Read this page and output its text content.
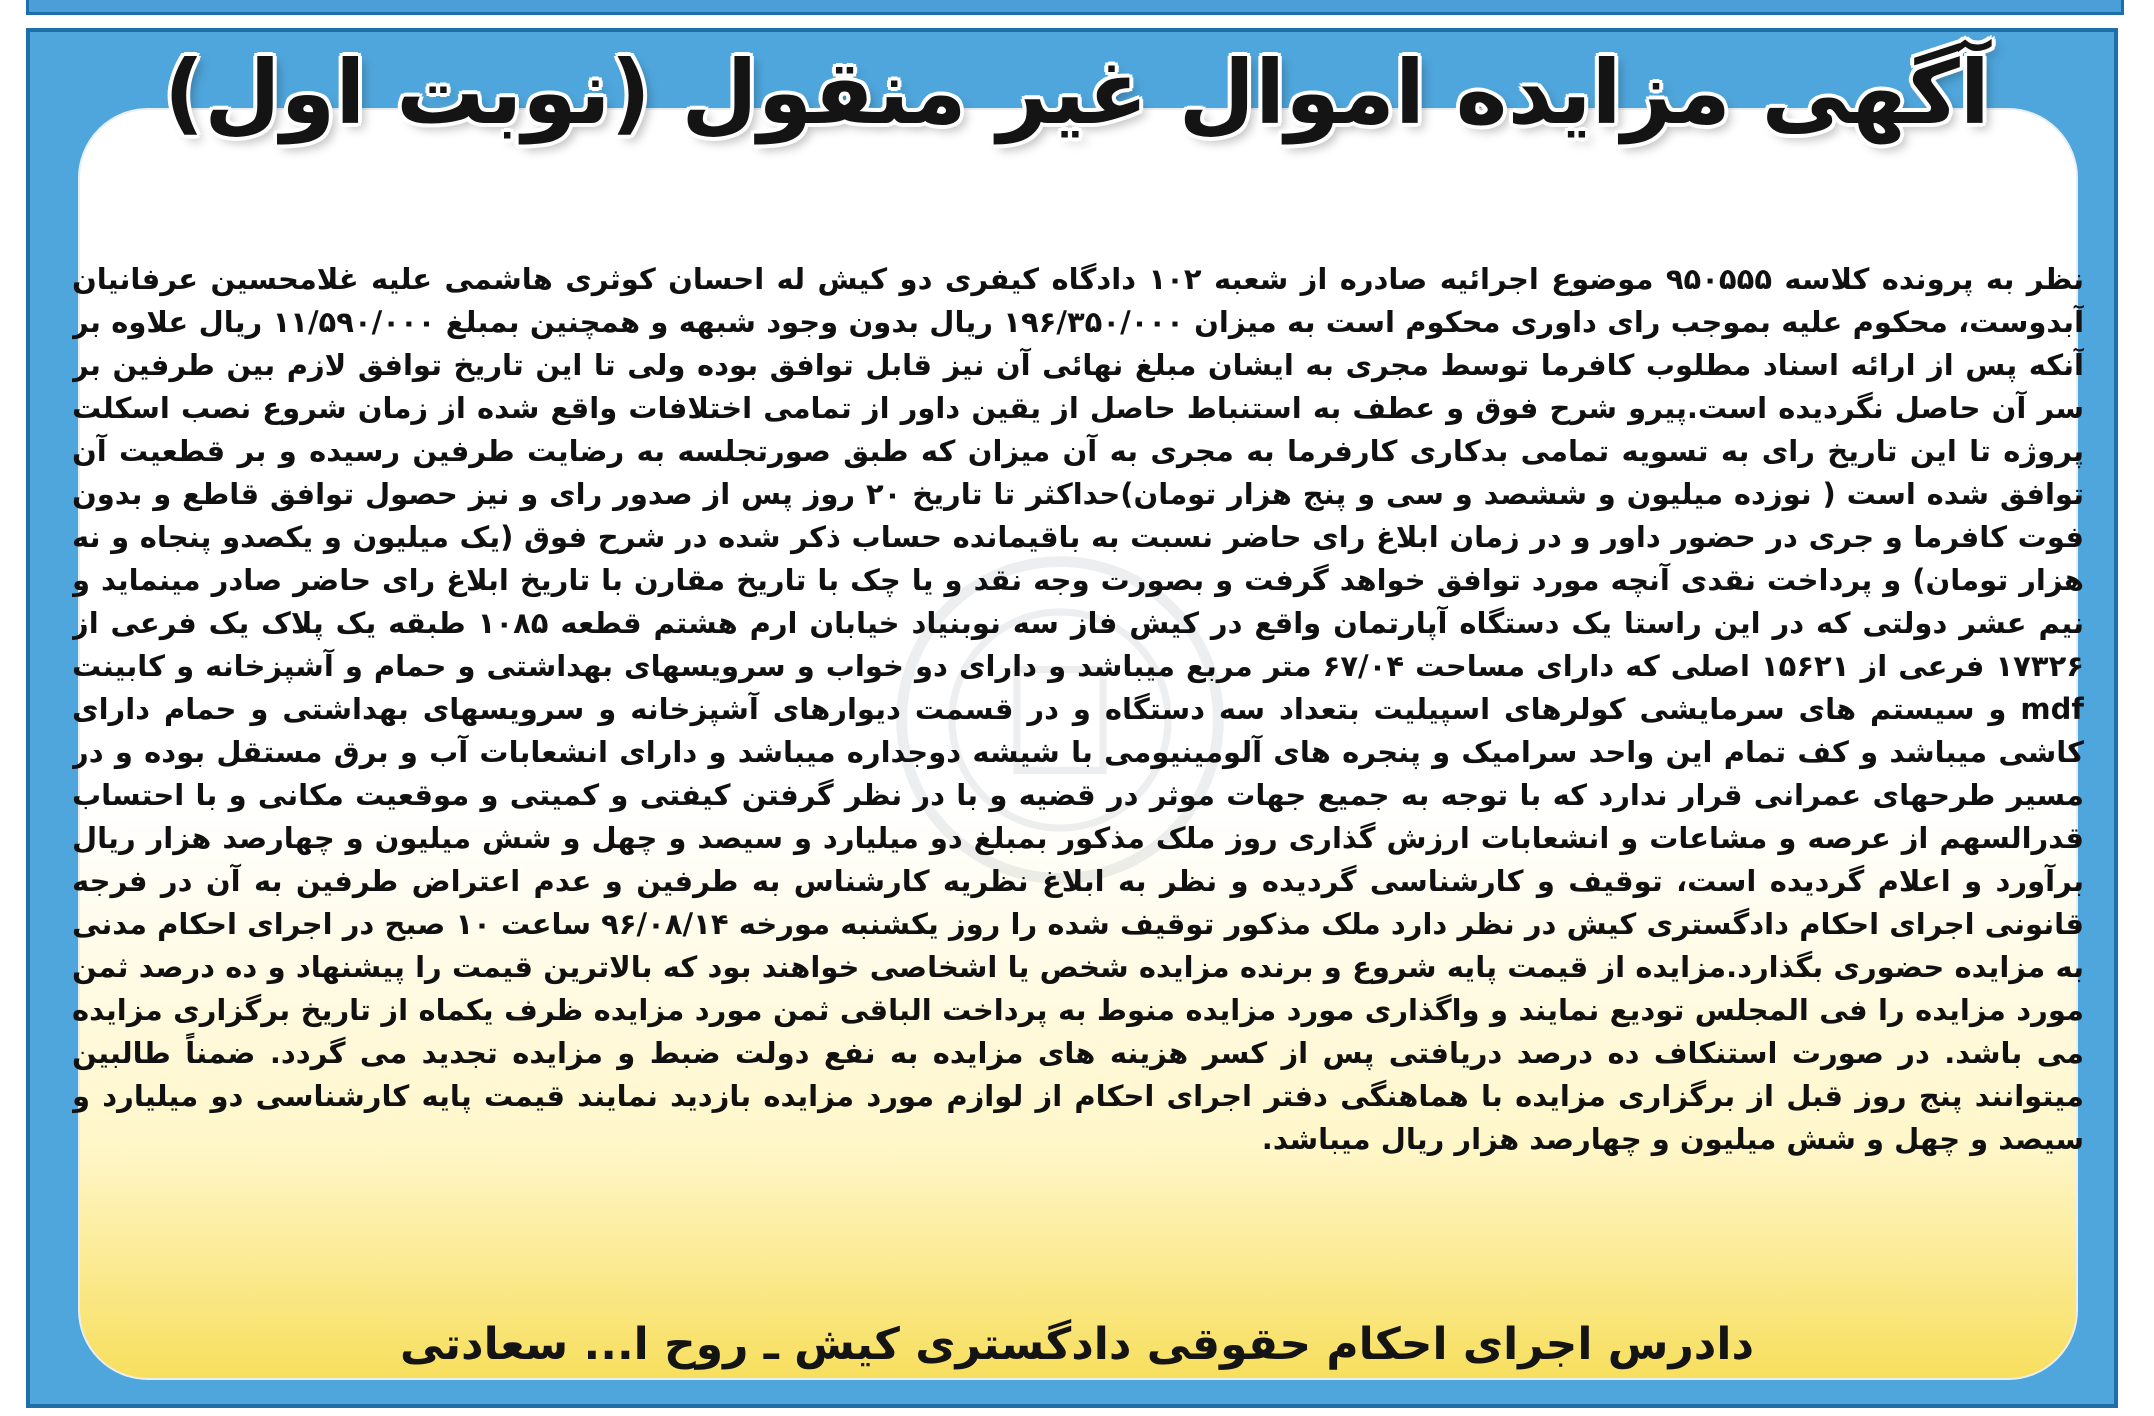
آگهی مزایده اموال غیر منقول (نوبت اول)

نظر به پرونده کلاسه ۹۵۰۵۵۵ موضوع اجرائیه صادره از شعبه ۱۰۲ دادگاه کیفری دو کیش له احسان کوثری هاشمی علیه غلامحسین عرفانیان آبدوست، محکوم علیه بموجب رای داوری محکوم است به میزان ۱۹۶/۳۵۰/۰۰۰ ریال بدون وجود شبهه و همچنین بمبلغ ۱۱/۵۹۰/۰۰۰ ریال علاوه بر آنکه پس از ارائه اسناد مطلوب کافرما توسط مجری به ایشان مبلغ نهائی آن نیز قابل توافق بوده ولی تا این تاریخ توافق لازم بین طرفین بر سر آن حاصل نگردیده است.پیرو شرح فوق و عطف به استنباط حاصل از یقین داور از تمامی اختلافات واقع شده از زمان شروع نصب اسکلت پروژه تا این تاریخ رای به تسویه تمامی بدکاری کارفرما به مجری به آن میزان که طبق صورتجلسه به رضایت طرفین رسیده و بر قطعیت آن توافق شده است ( نوزده میلیون و ششصد و سی و پنج هزار تومان)حداکثر تا تاریخ ۲۰ روز پس از صدور رای و نیز حصول توافق قاطع و بدون فوت کافرما و جری در حضور داور و در زمان ابلاغ رای حاضر نسبت به باقیمانده حساب ذکر شده در شرح فوق (یک میلیون و یکصدو پنجاه و نه هزار تومان) و پرداخت نقدی آنچه مورد توافق خواهد گرفت و بصورت وجه نقد و یا چک با تاریخ مقارن با تاریخ ابلاغ رای حاضر صادر مینماید و نیم عشر دولتی که در این راستا یک دستگاه آپارتمان واقع در کیش فاز سه نوبنیاد خیابان ارم هشتم قطعه ۱۰۸۵ طبقه یک پلاک یک فرعی از ۱۷۳۲۶ فرعی از ۱۵۶۲۱ اصلی که دارای مساحت ۶۷/۰۴ متر مربع میباشد و دارای دو خواب و سرویسهای بهداشتی و حمام و آشپزخانه و کابینت mdf و سیستم های سرمایشی کولرهای اسپیلیت بتعداد سه دستگاه و در قسمت دیوارهای آشپزخانه و سرویسهای بهداشتی و حمام دارای کاشی میباشد و کف تمام این واحد سرامیک و پنجره های آلومینیومی با شیشه دوجداره میباشد و دارای انشعابات آب و برق مستقل بوده و در مسیر طرحهای عمرانی قرار ندارد که با توجه به جمیع جهات موثر در قضیه و با در نظر گرفتن کیفتی و کمیتی و موقعیت مکانی و با احتساب قدرالسهم از عرصه و مشاعات و انشعابات ارزش گذاری روز ملک مذکور بمبلغ دو میلیارد و سیصد و چهل و شش میلیون و چهارصد هزار ریال برآورد و اعلام گردیده است، توقیف و کارشناسی گردیده و نظر به ابلاغ نظریه کارشناس به طرفین و عدم اعتراض طرفین به آن در فرجه قانونی اجرای احکام دادگستری کیش در نظر دارد ملک مذکور توقیف شده را روز یکشنبه مورخه ۹۶/۰۸/۱۴ ساعت ۱۰ صبح در اجرای احکام مدنی به مزایده حضوری بگذارد.مزایده از قیمت پایه شروع و برنده مزایده شخص یا اشخاصی خواهند بود که بالاترین قیمت را پیشنهاد و ده درصد ثمن مورد مزایده را فی المجلس تودیع نمایند و واگذاری مورد مزایده منوط به پرداخت الباقی ثمن مورد مزایده ظرف یکماه از تاریخ برگزاری مزایده می باشد. در صورت استنکاف ده درصد دریافتی پس از کسر هزینه های مزایده به نفع دولت ضبط و مزایده تجدید می گردد. ضمناً طالبین میتوانند پنج روز قبل از برگزاری مزایده با هماهنگی دفتر اجرای احکام از لوازم مورد مزایده بازدید نمایند قیمت پایه کارشناسی دو میلیارد و سیصد و چهل و شش میلیون و چهارصد هزار ریال میباشد.

دادرس اجرای احکام حقوقی دادگستری کیش ـ روح ا... سعادتی
